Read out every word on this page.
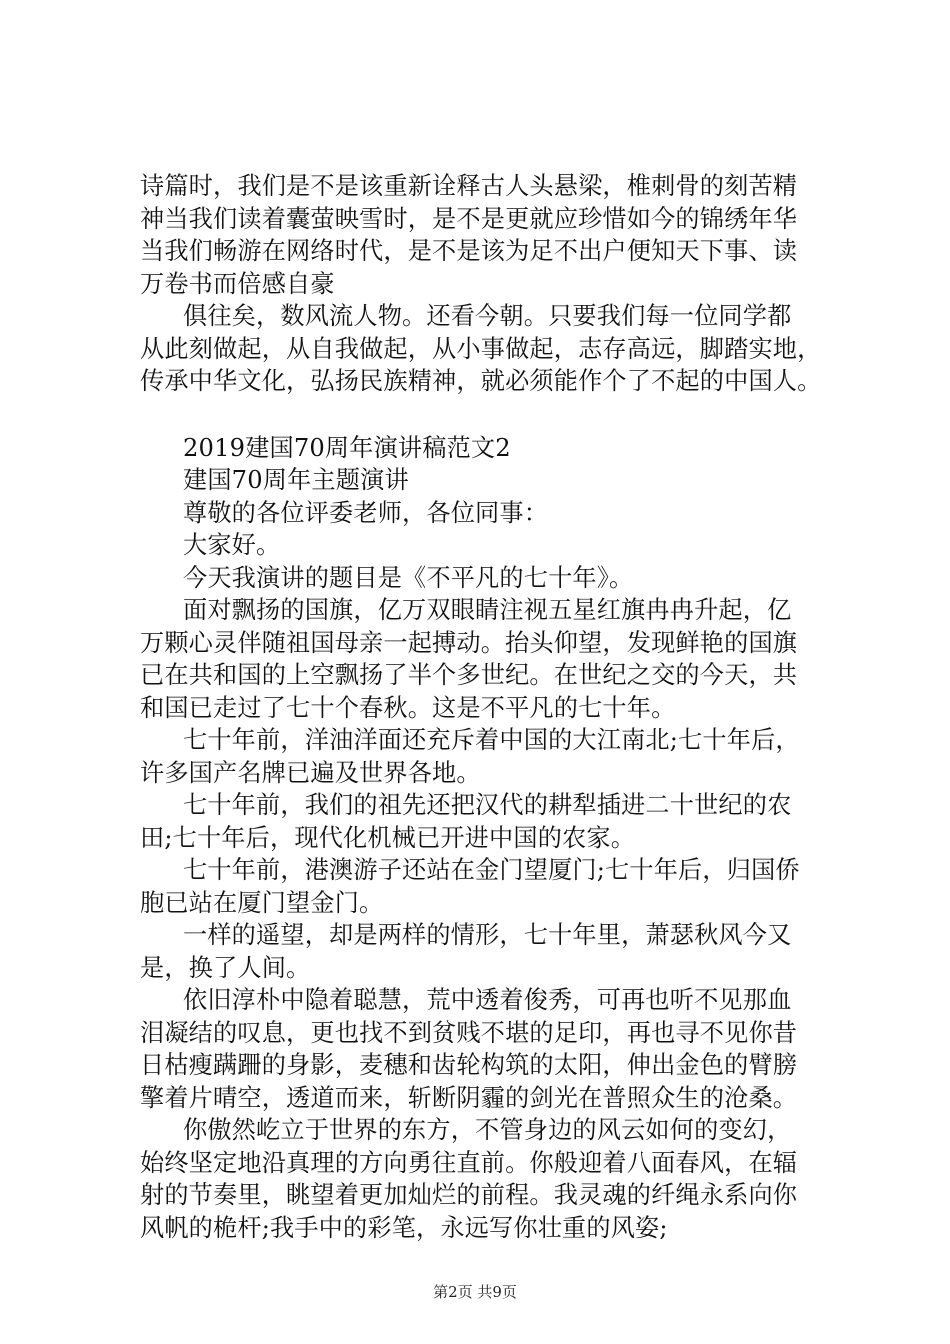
诗篇时，我们是不是该重新诠释古人头悬梁，椎刺骨的刻苦精
神当我们读着囊萤映雪时，是不是更就应珍惜如今的锦绣年华
当我们畅游在网络时代，是不是该为足不出户便知天下事、读
万卷书而倍感自豪
俱往矣，数风流人物。还看今朝。只要我们每一位同学都
从此刻做起，从自我做起，从小事做起，志存高远，脚踏实地，
传承中华文化，弘扬民族精神，就必须能作个了不起的中国人。
2019建国70周年演讲稿范文2
建国70周年主题演讲
尊敬的各位评委老师，各位同事：
大家好。
今天我演讲的题目是《不平凡的七十年》。
面对飘扬的国旗，亿万双眼睛注视五星红旗冉冉升起，亿
万颗心灵伴随祖国母亲一起搏动。抬头仰望，发现鲜艳的国旗
已在共和国的上空飘扬了半个多世纪。在世纪之交的今天，共
和国已走过了七十个春秋。这是不平凡的七十年。
七十年前，洋油洋面还充斥着中国的大江南北;七十年后，
许多国产名牌已遍及世界各地。
七十年前，我们的祖先还把汉代的耕犁插进二十世纪的农
田;七十年后，现代化机械已开进中国的农家。
七十年前，港澳游子还站在金门望厦门;七十年后，归国侨
胞已站在厦门望金门。
一样的遥望，却是两样的情形，七十年里，萧瑟秋风今又
是，换了人间。
依旧淳朴中隐着聪慧，荒中透着俊秀，可再也听不见那血
泪凝结的叹息，更也找不到贫贱不堪的足印，再也寻不见你昔
日枯瘦蹒跚的身影，麦穗和齿轮构筑的太阳，伸出金色的臂膀
擎着片晴空，透道而来，斩断阴霾的剑光在普照众生的沧桑。
你傲然屹立于世界的东方，不管身边的风云如何的变幻，
始终坚定地沿真理的方向勇往直前。你般迎着八面春风，在辐
射的节奏里，眺望着更加灿烂的前程。我灵魂的纤绳永系向你
风帆的桅杆;我手中的彩笔，永远写你壮重的风姿;
第2页 共9页
